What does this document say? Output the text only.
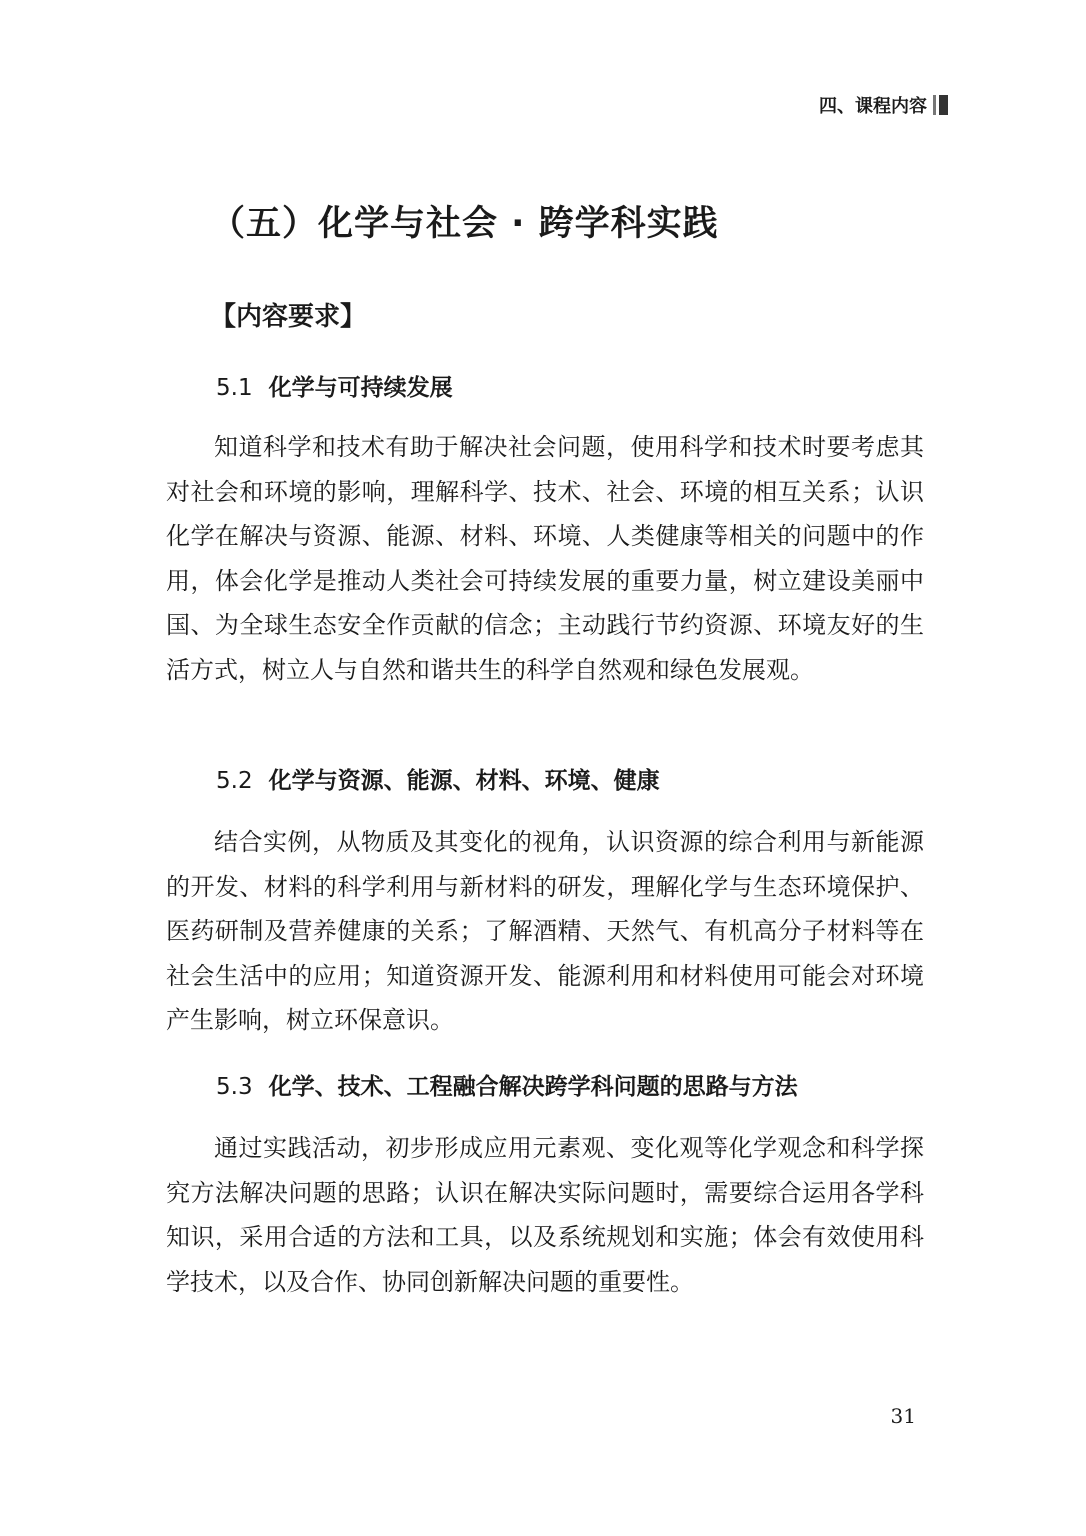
四、课程内容
（五）化学与社会 · 跨学科实践
【内容要求】
5.1 化学与可持续发展

知道科学和技术有助于解决社会问题，使用科学和技术时要考虑其对社会和环境的影响，理解科学、技术、社会、环境的相互关系；认识化学在解决与资源、能源、材料、环境、人类健康等相关的问题中的作用，体会化学是推动人类社会可持续发展的重要力量，树立建设美丽中国、为全球生态安全作贡献的信念；主动践行节约资源、环境友好的生活方式，树立人与自然和谐共生的科学自然观和绿色发展观。

5.2 化学与资源、能源、材料、环境、健康

结合实例，从物质及其变化的视角，认识资源的综合利用与新能源的开发、材料的科学利用与新材料的研发，理解化学与生态环境保护、医药研制及营养健康的关系；了解酒精、天然气、有机高分子材料等在社会生活中的应用；知道资源开发、能源利用和材料使用可能会对环境产生影响，树立环保意识。

5.3 化学、技术、工程融合解决跨学科问题的思路与方法

通过实践活动，初步形成应用元素观、变化观等化学观念和科学探究方法解决问题的思路；认识在解决实际问题时，需要综合运用各学科知识，采用合适的方法和工具，以及系统规划和实施；体会有效使用科学技术，以及合作、协同创新解决问题的重要性。

31
